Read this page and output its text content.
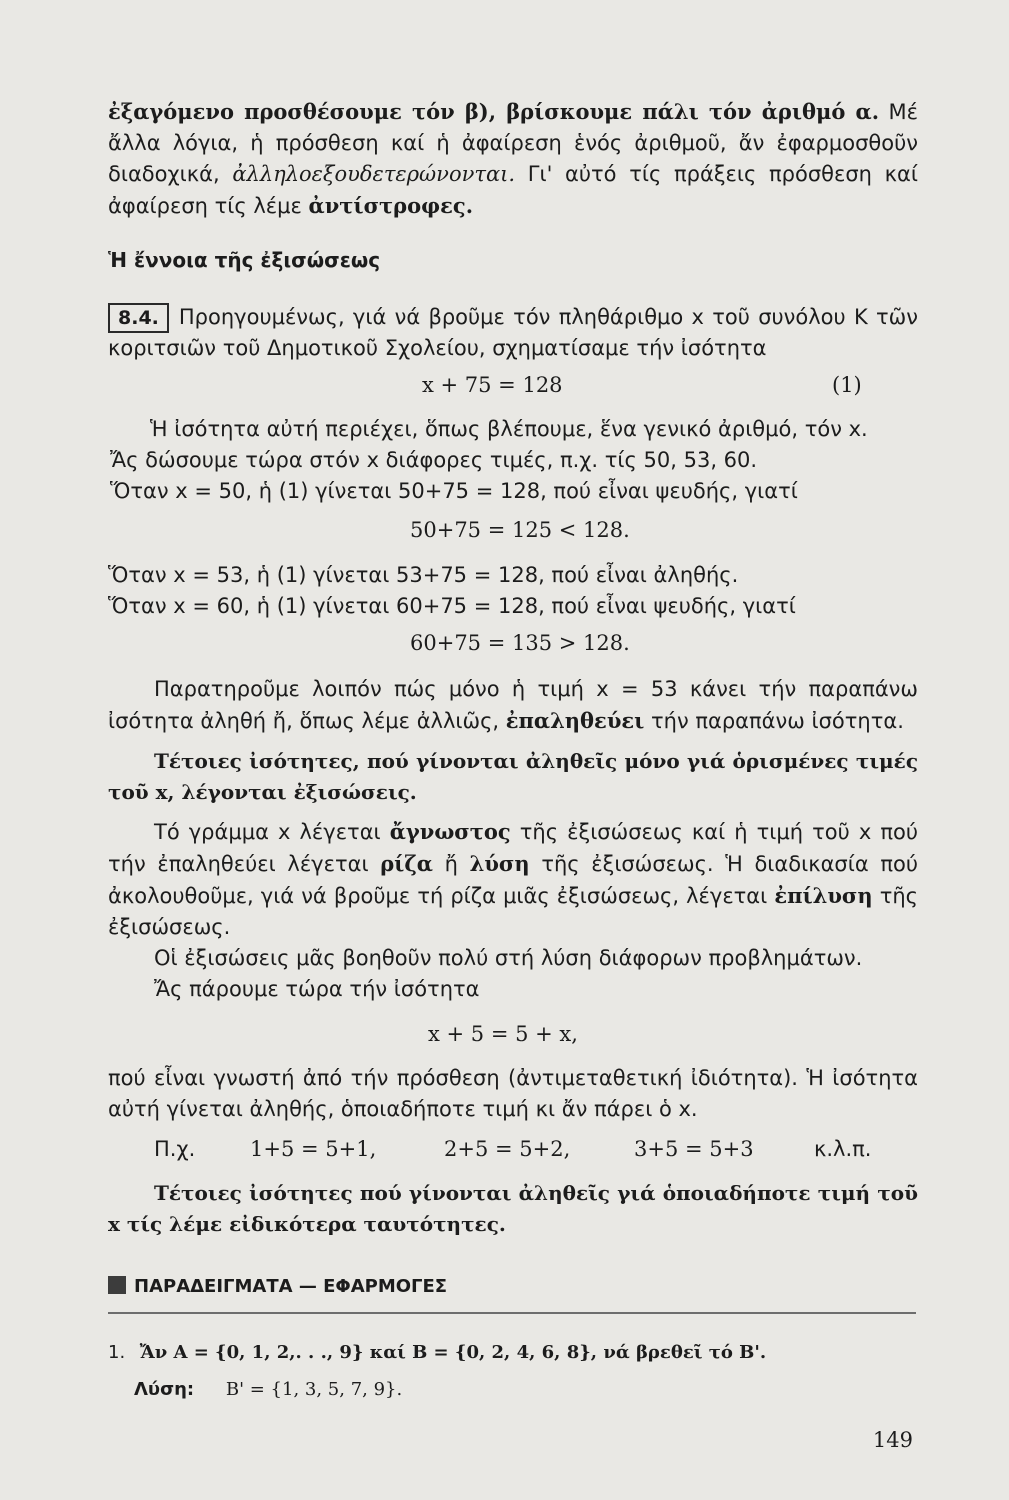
ἐξαγόμενο προσθέσουμε τόν β), βρίσκουμε πάλι τόν ἀριθμό α. Μέ ἄλλα λόγια, ἡ πρόσθεση καί ἡ ἀφαίρεση ἑνός ἀριθμοῦ, ἄν ἐφαρμοσθοῦν διαδοχικά, ἀλληλοεξουδετερώνονται. Γι' αὐτό τίς πράξεις πρόσθεση καί ἀφαίρεση τίς λέμε ἀντίστροφες.

Ἡ ἔννοια τῆς ἐξισώσεως

8.4. Προηγουμένως, γιά νά βροῦμε τόν πληθάριθμο x τοῦ συνόλου Κ τῶν κοριτσιῶν τοῦ Δημοτικοῦ Σχολείου, σχηματίσαμε τήν ἰσότητα

x + 75 = 128	(1)

Ἡ ἰσότητα αὐτή περιέχει, ὅπως βλέπουμε, ἕνα γενικό ἀριθμό, τόν x.

Ἄς δώσουμε τώρα στόν x διάφορες τιμές, π.χ. τίς 50, 53, 60.

Ὅταν x = 50, ἡ (1) γίνεται 50+75 = 128, πού εἶναι ψευδής, γιατί

50+75 = 125 < 128.

Ὅταν x = 53, ἡ (1) γίνεται 53+75 = 128, πού εἶναι ἀληθής.

Ὅταν x = 60, ἡ (1) γίνεται 60+75 = 128, πού εἶναι ψευδής, γιατί

60+75 = 135 > 128.

Παρατηροῦμε λοιπόν πώς μόνο ἡ τιμή x = 53 κάνει τήν παραπάνω ἰσότητα ἀληθή ἤ, ὅπως λέμε ἀλλιῶς, ἐπαληθεύει τήν παραπάνω ἰσότητα.

Τέτοιες ἰσότητες, πού γίνονται ἀληθεῖς μόνο γιά ὁρισμένες τιμές τοῦ x, λέγονται ἐξισώσεις.

Τό γράμμα x λέγεται ἄγνωστος τῆς ἐξισώσεως καί ἡ τιμή τοῦ x πού τήν ἐπαληθεύει λέγεται ρίζα ἤ λύση τῆς ἐξισώσεως. Ἡ διαδικασία πού ἀκολουθοῦμε, γιά νά βροῦμε τή ρίζα μιᾶς ἐξισώσεως, λέγεται ἐπίλυση τῆς ἐξισώσεως.

Οἱ ἐξισώσεις μᾶς βοηθοῦν πολύ στή λύση διάφορων προβλημάτων.

Ἄς πάρουμε τώρα τήν ἰσότητα

x + 5 = 5 + x,

πού εἶναι γνωστή ἀπό τήν πρόσθεση (ἀντιμεταθετική ἰδιότητα). Ἡ ἰσότητα αὐτή γίνεται ἀληθής, ὁποιαδήποτε τιμή κι ἄν πάρει ὁ x.

Π.χ.	1+5 = 5+1,	2+5 = 5+2,	3+5 = 5+3	κ.λ.π.

Τέτοιες ἰσότητες πού γίνονται ἀληθεῖς γιά ὁποιαδήποτε τιμή τοῦ x τίς λέμε εἰδικότερα ταυτότητες.

ΠΑΡΑΔΕΙΓΜΑΤΑ — ΕΦΑΡΜΟΓΕΣ

1. Ἄν Α = {0, 1, 2,. . ., 9} καί Β = {0, 2, 4, 6, 8}, νά βρεθεῖ τό Β'.

Λύση: Β' = {1, 3, 5, 7, 9}.

149
